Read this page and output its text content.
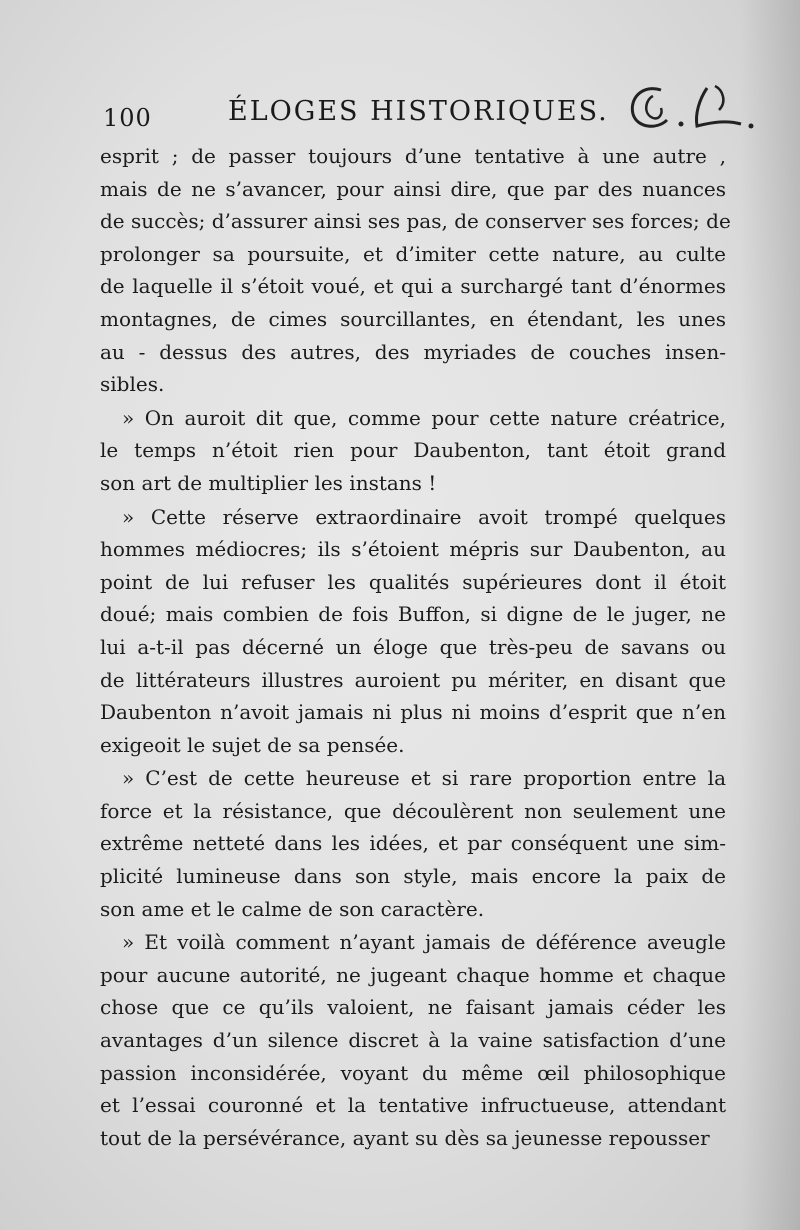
100	ÉLOGES HISTORIQUES.
esprit ; de passer toujours d’une tentative à une autre ,
mais de ne s’avancer, pour ainsi dire, que par des nuances
de succès; d’assurer ainsi ses pas, de conserver ses forces; de
prolonger sa poursuite, et d’imiter cette nature, au culte
de laquelle il s’étoit voué, et qui a surchargé tant d’énormes
montagnes, de cimes sourcillantes, en étendant, les unes
au - dessus des autres, des myriades de couches insen-
sibles.
» On auroit dit que, comme pour cette nature créatrice,
le temps n’étoit rien pour Daubenton, tant étoit grand
son art de multiplier les instans !
» Cette réserve extraordinaire avoit trompé quelques
hommes médiocres; ils s’étoient mépris sur Daubenton, au
point de lui refuser les qualités supérieures dont il étoit
doué; mais combien de fois Buffon, si digne de le juger, ne
lui a-t-il pas décerné un éloge que très-peu de savans ou
de littérateurs illustres auroient pu mériter, en disant que
Daubenton n’avoit jamais ni plus ni moins d’esprit que n’en
exigeoit le sujet de sa pensée.
» C’est de cette heureuse et si rare proportion entre la
force et la résistance, que découlèrent non seulement une
extrême netteté dans les idées, et par conséquent une sim-
plicité lumineuse dans son style, mais encore la paix de
son ame et le calme de son caractère.
» Et voilà comment n’ayant jamais de déférence aveugle
pour aucune autorité, ne jugeant chaque homme et chaque
chose que ce qu’ils valoient, ne faisant jamais céder les
avantages d’un silence discret à la vaine satisfaction d’une
passion inconsidérée, voyant du même œil philosophique
et l’essai couronné et la tentative infructueuse, attendant
tout de la persévérance, ayant su dès sa jeunesse repousser
